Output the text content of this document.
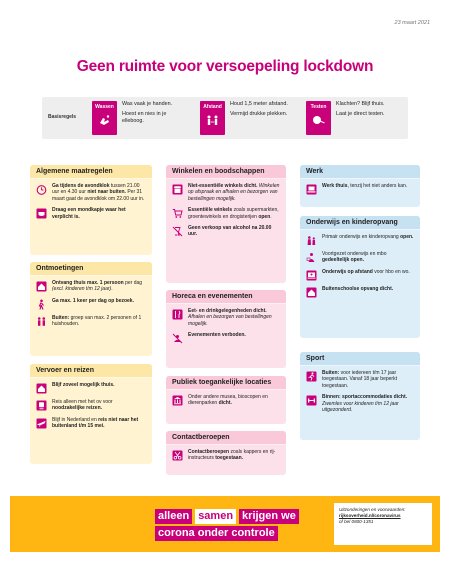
23 maart 2021
Geen ruimte voor versoepeling lockdown
Basisregels
Wassen	Was vaak je handen.
Hoest en nies in je elleboog.
Afstand	Houd 1,5 meter afstand.
Vermijd drukke plekken.
Testen	Klachten? Blijf thuis.
Laat je direct testen.
Algemene maatregelen
Ga tijdens de avondklok tussen 21.00 uur en 4.30 uur niet naar buiten. Per 31 maart gaat de avondklok om 22.00 uur in.
Draag een mondkapje waar het verplicht is.
Ontmoetingen
Ontvang thuis max. 1 persoon per dag (excl. kinderen t/m 12 jaar).
Ga max. 1 keer per dag op bezoek.
Buiten: groep van max. 2 personen of 1 huishouden.
Vervoer en reizen
Blijf zoveel mogelijk thuis.
Reis alleen met het ov voor noodzakelijke reizen.
Blijf in Nederland en reis niet naar het buitenland t/m 15 mei.
Winkelen en boodschappen
Niet-essentiële winkels dicht. Winkelen op afspraak en afhalen en bezorgen van bestellingen mogelijk.
Essentiële winkels zoals supermarkten, groentewinkels en drogisterijen open.
Geen verkoop van alcohol na 20.00 uur.
Horeca en evenementen
Eet- en drinkgelegenheden dicht. Afhalen en bezorgen van bestellingen mogelijk.
Evenementen verboden.
Publiek toegankelijke locaties
Onder andere musea, bioscopen en dierenparken dicht.
Contactberoepen
Contactberoepen zoals kappers en rij-instructeurs toegestaan.
Werk
Werk thuis, tenzij het niet anders kan.
Onderwijs en kinderopvang
Primair onderwijs en kinderopvang open.
Voortgezet onderwijs en mbo gedeeltelijk open.
Onderwijs op afstand voor hbo en wo.
Buitenschoolse opvang dicht.
Sport
Buiten: voor iedereen t/m 17 jaar toegestaan. Vanaf 18 jaar beperkt toegestaan.
Binnen: sportaccommodaties dicht. Zwemles voor kinderen t/m 12 jaar uitgezonderd.
alleen samen krijgen we
corona onder controle
Uitzonderingen en voorwaarden:
rijksoverheid.nl/coronavirus
of bel 0800-1351
